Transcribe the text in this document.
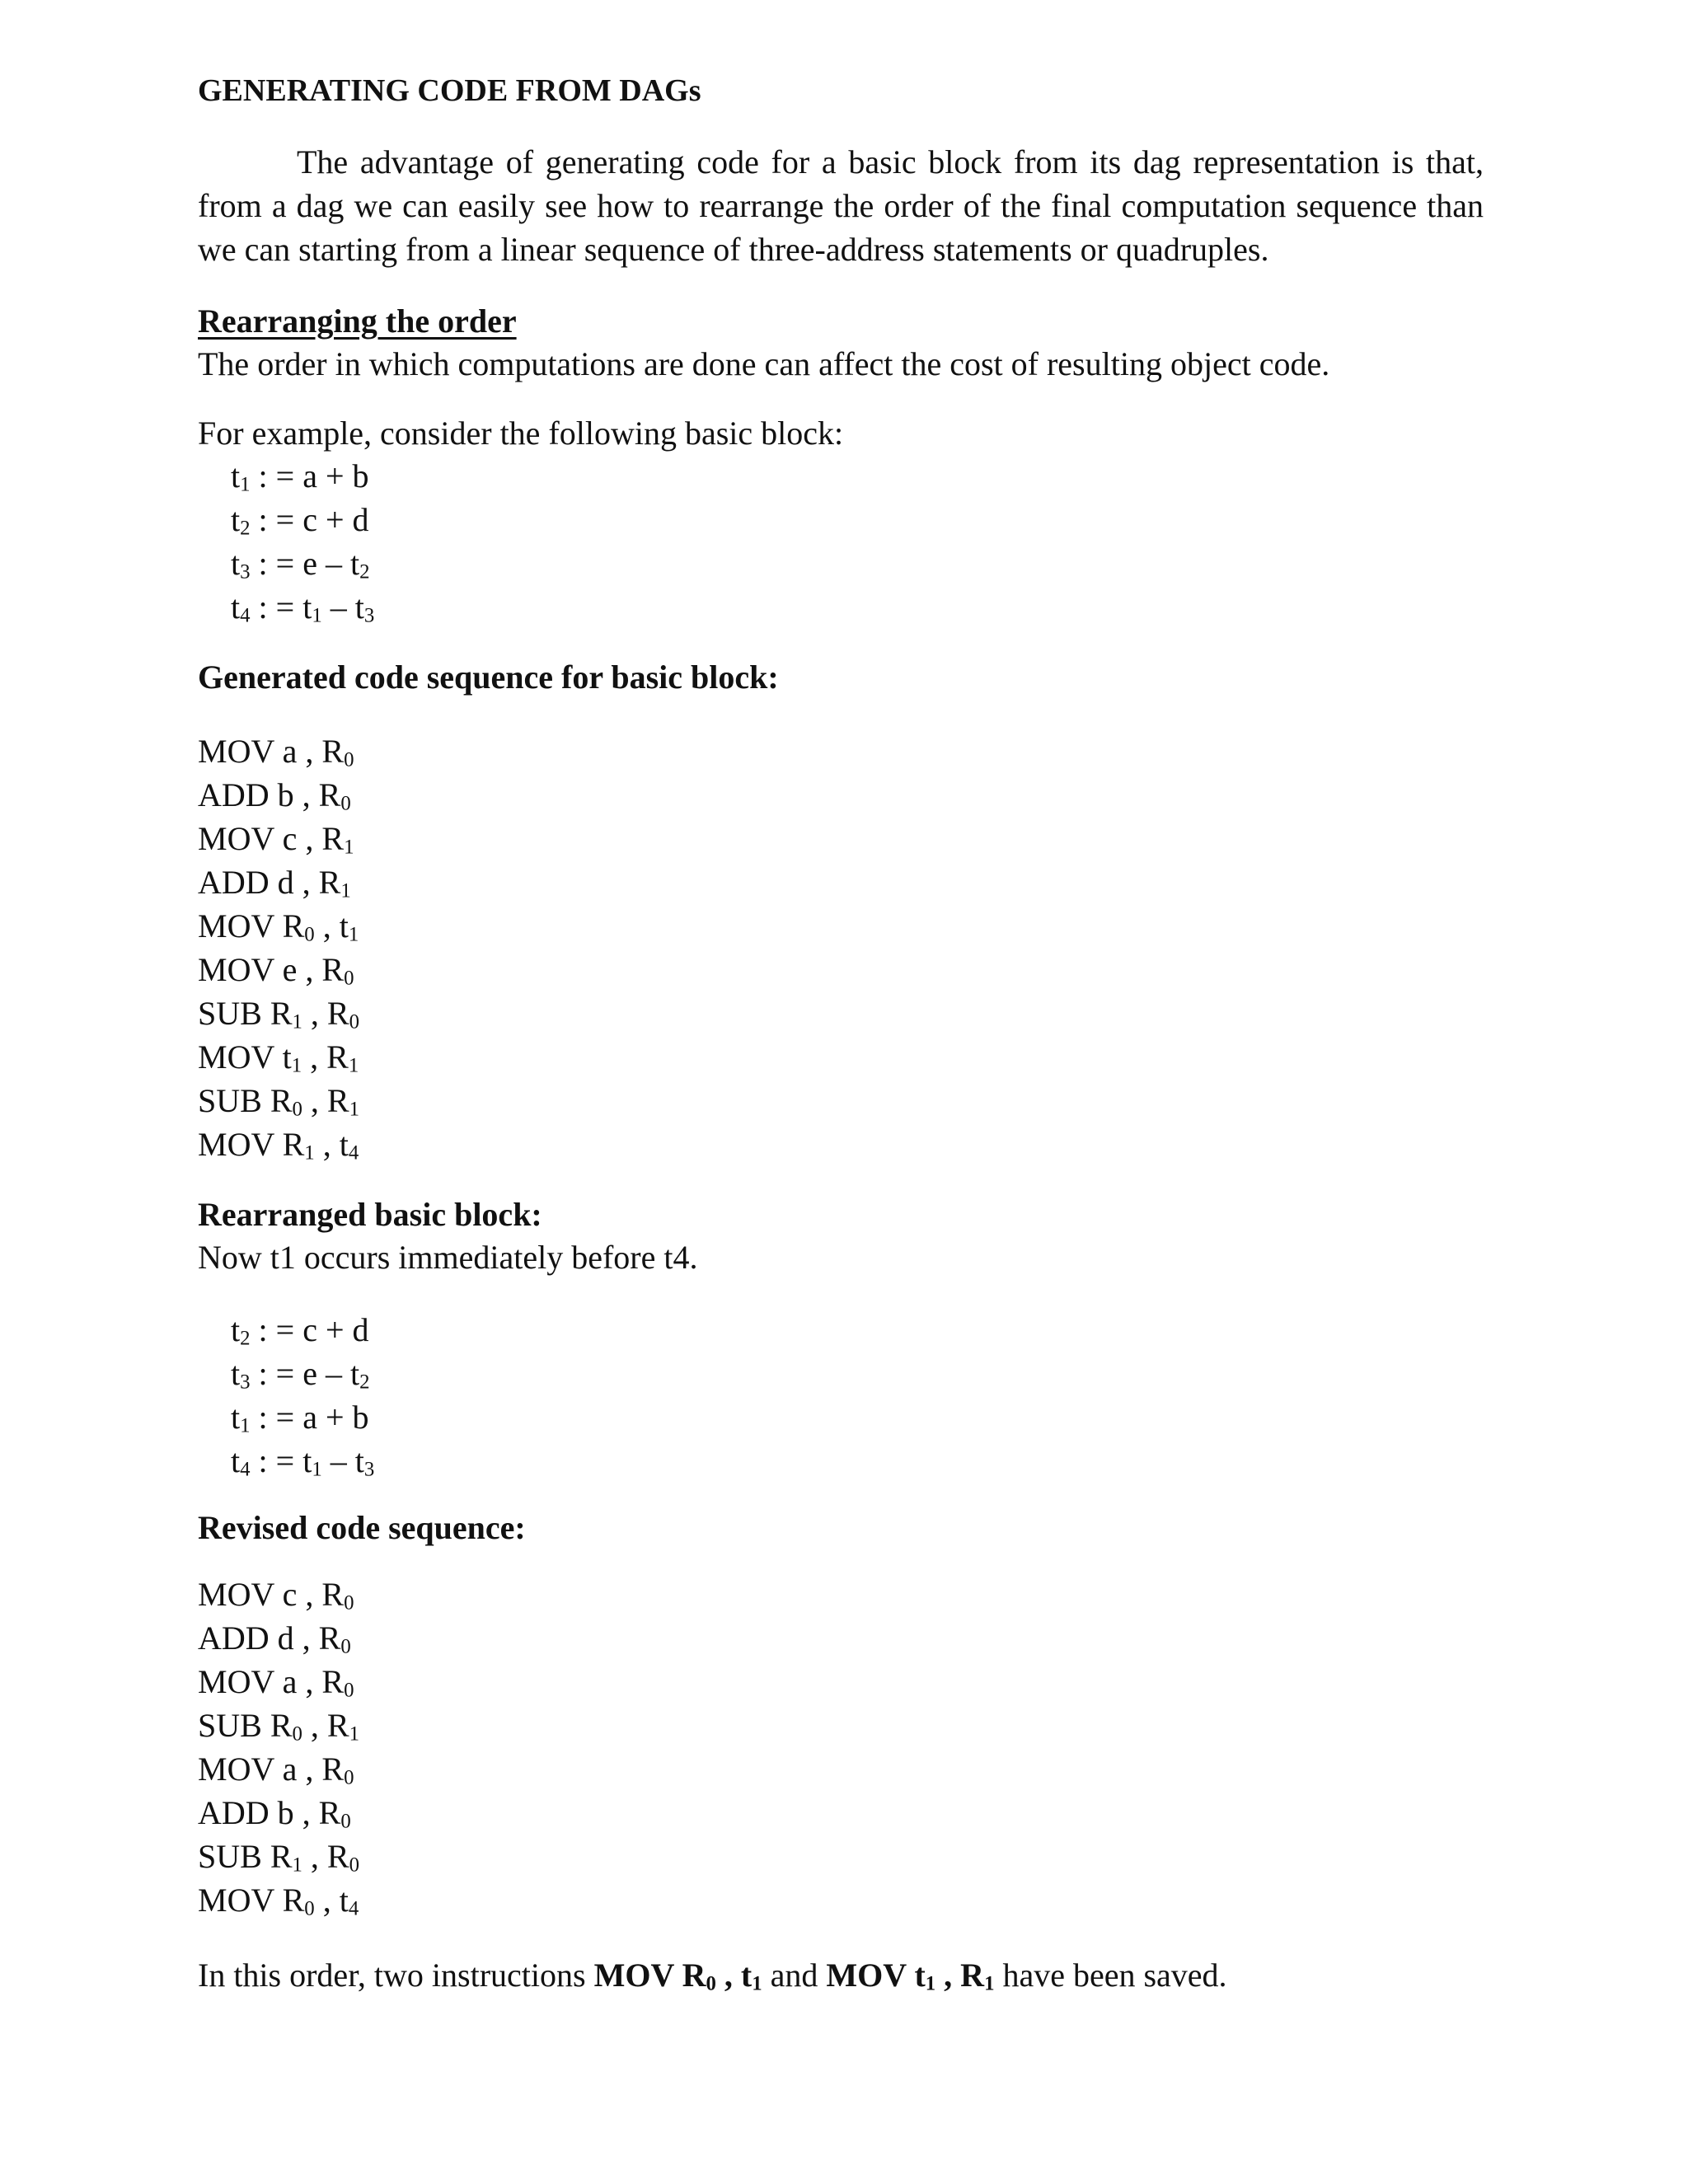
GENERATING CODE FROM DAGs
The advantage of generating code for a basic block from its dag representation is that, from a dag we can easily see how to rearrange the order of the final computation sequence than we can starting from a linear sequence of three-address statements or quadruples.
Rearranging the order
The order in which computations are done can affect the cost of resulting object code.
For example, consider the following basic block:
$t_1$ : = a + b
$t_2$ : = c + d
$t_3$ : = e – $t_2$
$t_4$ : = $t_1 - t_3$
Generated code sequence for basic block:
MOV a , $R_0$
ADD b , $R_0$
MOV c , $R_1$
ADD d , $R_1$
MOV $R_0$ , $t_1$
MOV e , $R_0$
SUB $R_1$ , $R_0$
MOV $t_1$ , $R_1$
SUB $R_0$ , $R_1$
MOV $R_1$ , $t_4$
Rearranged basic block:
Now t1 occurs immediately before t4.
$t_2$ : = c + d
$t_3$ : = e – $t_2$
$t_1$ : = a + b
$t_4$ : = $t_1 - t_3$
Revised code sequence:
MOV c , $R_0$
ADD d , $R_0$
MOV a , $R_0$
SUB $R_0$ , $R_1$
MOV a , $R_0$
ADD b , $R_0$
SUB $R_1$ , $R_0$
MOV $R_0$ , $t_4$
In this order, two instructions MOV $R_0$ , $t_1$ and MOV $t_1$ , $R_1$ have been saved.
